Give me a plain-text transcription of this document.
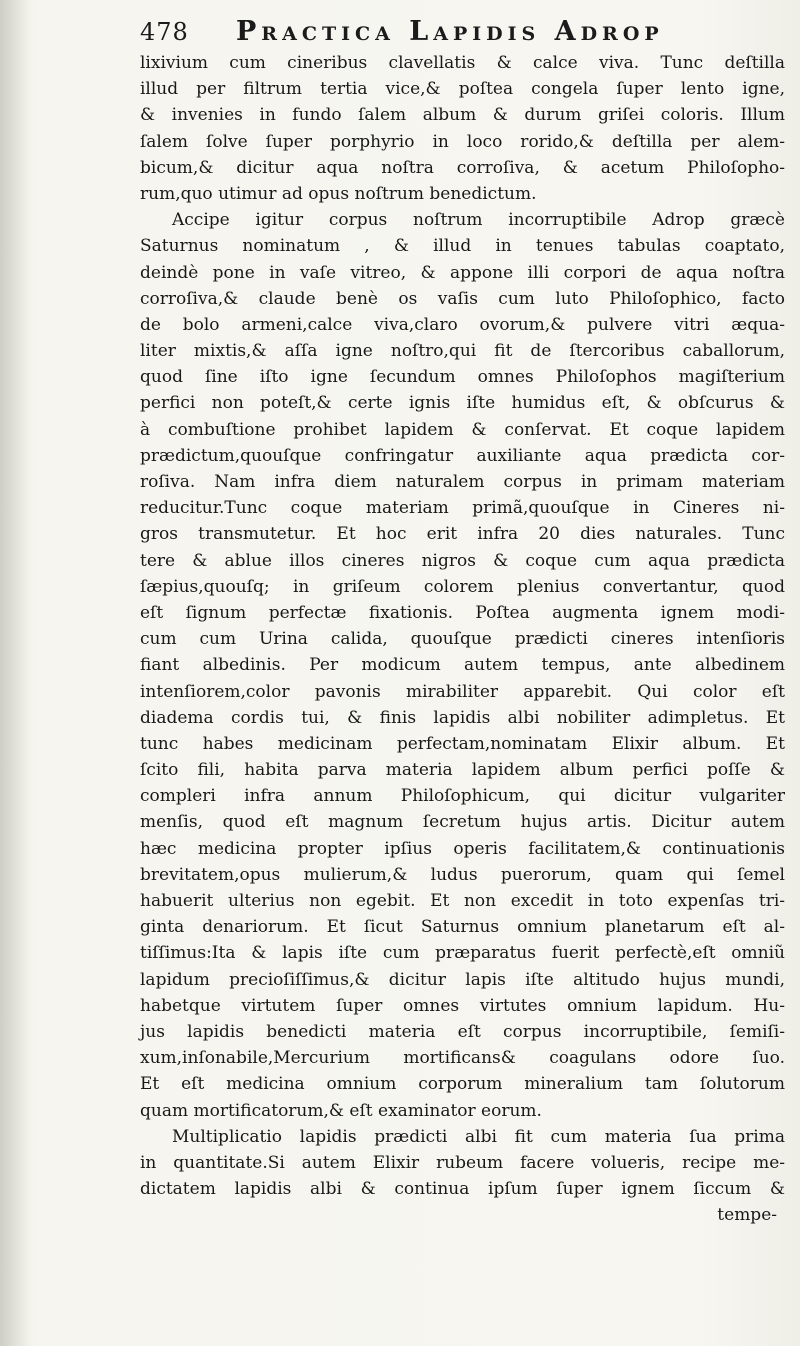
478 Practica Lapidis Adrop
lixivium cum cineribus clavellatis & calce viva. Tunc deſtilla
illud per filtrum tertia vice,& poſtea congela ſuper lento igne,
& invenies in fundo ſalem album & durum griſei coloris. Illum
ſalem ſolve ſuper porphyrio in loco rorido,& deſtilla per alem-
bicum,& dicitur aqua noſtra corroſiva, & acetum Philoſopho-
rum,quo utimur ad opus noſtrum benedictum.
Accipe igitur corpus noſtrum incorruptibile Adrop græcè
Saturnus nominatum , & illud in tenues tabulas coaptato,
deindè pone in vaſe vitreo, & appone illi corpori de aqua noſtra
corroſiva,& claude benè os vaſis cum luto Philoſophico, facto
de bolo armeni,calce viva,claro ovorum,& pulvere vitri æqua-
liter mixtis,& aſſa igne noſtro,qui fit de ſtercoribus caballorum,
quod ſine iſto igne ſecundum omnes Philoſophos magiſterium
perfici non poteſt,& certe ignis iſte humidus eſt, & obſcurus &
à combuſtione prohibet lapidem & conſervat. Et coque lapidem
prædictum,quouſque confringatur auxiliante aqua prædicta cor-
roſiva. Nam infra diem naturalem corpus in primam materiam
reducitur.Tunc coque materiam primã,quouſque in Cineres ni-
gros transmutetur. Et hoc erit infra 20 dies naturales. Tunc
tere & ablue illos cineres nigros & coque cum aqua prædicta
ſæpius,quouſq; in griſeum colorem plenius convertantur, quod
eſt ſignum perfectæ fixationis. Poſtea augmenta ignem modi-
cum cum Urina calida, quouſque prædicti cineres intenſioris
fiant albedinis. Per modicum autem tempus, ante albedinem
intenſiorem,color pavonis mirabiliter apparebit. Qui color eſt
diadema cordis tui, & finis lapidis albi nobiliter adimpletus. Et
tunc habes medicinam perfectam,nominatam Elixir album. Et
ſcito fili, habita parva materia lapidem album perfici poſſe &
compleri infra annum Philoſophicum, qui dicitur vulgariter
menſis, quod eſt magnum ſecretum hujus artis. Dicitur autem
hæc medicina propter ipſius operis facilitatem,& continuationis
brevitatem,opus mulierum,& ludus puerorum, quam qui ſemel
habuerit ulterius non egebit. Et non excedit in toto expenſas tri-
ginta denariorum. Et ſicut Saturnus omnium planetarum eſt al-
tiſſimus:Ita & lapis iſte cum præparatus fuerit perfectè,eſt omniũ
lapidum precioſiſſimus,& dicitur lapis iſte altitudo hujus mundi,
habetque virtutem ſuper omnes virtutes omnium lapidum. Hu-
jus lapidis benedicti materia eſt corpus incorruptibile, ſemiſi-
xum,inſonabile,Mercurium mortificans& coagulans odore ſuo.
Et eſt medicina omnium corporum mineralium tam ſolutorum
quam mortificatorum,& eſt examinator eorum.
Multiplicatio lapidis prædicti albi fit cum materia ſua prima
in quantitate.Si autem Elixir rubeum facere volueris, recipe me-
dictatem lapidis albi & continua ipſum ſuper ignem ſiccum &
tempe-
